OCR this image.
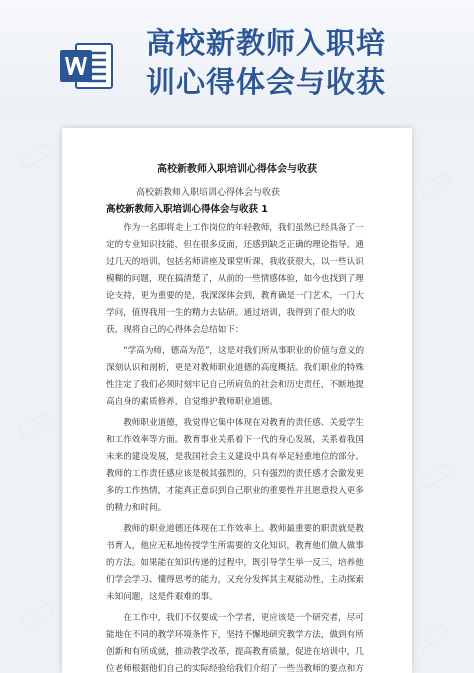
高校新教师入职培
训心得体会与收获
高校新教师入职培训心得体会与收获
高校新教师入职培训心得体会与收获
高校新教师入职培训心得体会与收获 1

作为一名即将走上工作岗位的年轻教师，我们虽然已经具备了一定的专业知识技能，但在很多反面，还感到缺乏正确的理论指导。通过几天的培训，包括名师讲座及课堂听课，我收获很大，以一些认识模糊的问题，现在搞清楚了，从前的一些情感体验，如今也找到了理论支持，更为重要的是，我深深体会到，教育确是一门艺术，一门大学问，值得我用一生的精力去钻研。通过培训，我得到了很大的收获，现将自己的心得体会总结如下：

“学高为师，德高为范”，这是对我们所从事职业的价值与意义的深刻认识和剖析，更是对教师职业道德的高度概括。我们职业的特殊性注定了我们必须时刻牢记自己所肩负的社会和历史责任，不断地提高自身的素质修养，自觉维护教师职业道德。

教师职业道德，我觉得它集中体现在对教育的责任感、关爱学生和工作效率等方面。教育事业关系着下一代的身心发展，关系着我国未来的建设发展，是我国社会主义建设中具有举足轻重地位的部分。教师的工作责任感应该是极其强烈的，只有强烈的责任感才会激发更多的工作热情，才能真正意识到自己职业的重要性并且愿意投入更多的精力和时间。

教师的职业道德还体现在工作效率上。教师最重要的职责就是教书育人，他应无私地传授学生所需要的文化知识，教育他们做人做事的方法。如果能在知识传递的过程中，既引导学生举一反三，培养他们学会学习、懂得思考的能力，又充分发挥其主观能动性，主动探索未知问题，这是件艰难的事。

在工作中，我们不仅要成一个学者，更应该是一个研究者，尽可能地在不同的教学环境条件下，坚持不懈地研究教学方法，做到有所创新和有所成就，推动教学改革，提高教育质量，促进在培训中，几位老师根据他们自己的实际经验给我们介绍了一些当教师的要点和方
